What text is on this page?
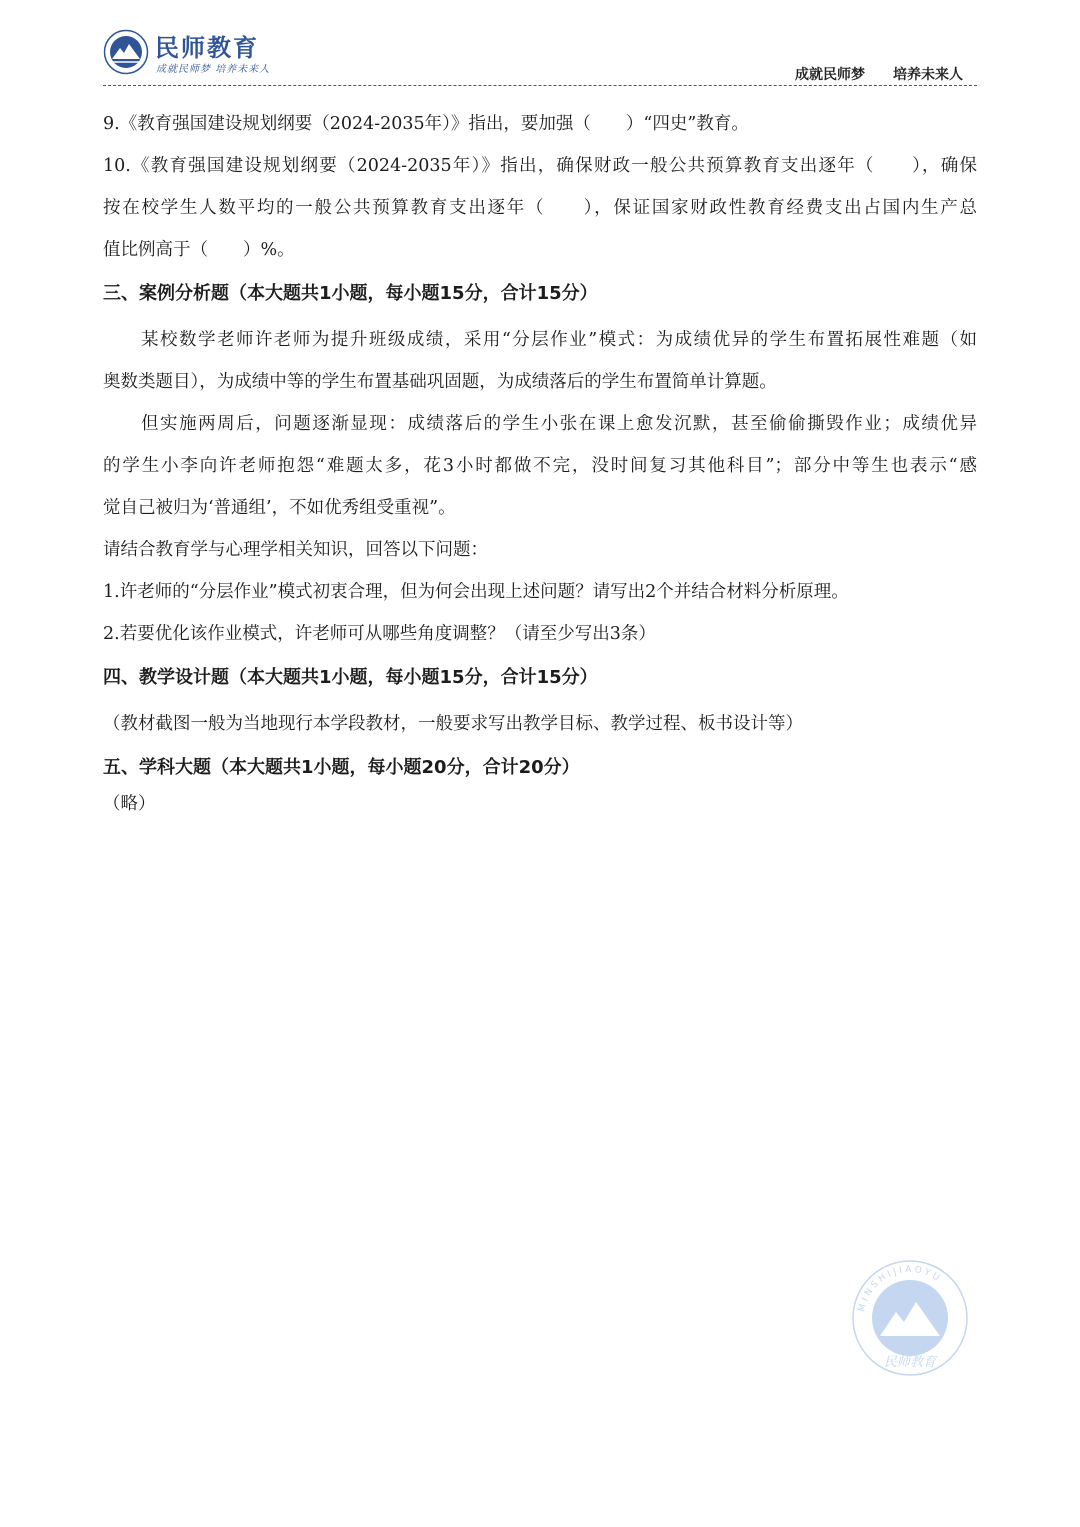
民师教育
成就民师梦 培养未来人	成就民师梦 培养未来人
9.《教育强国建设规划纲要（2024-2035年）》指出，要加强（　　）“四史”教育。
10.《教育强国建设规划纲要（2024-2035年）》指出，确保财政一般公共预算教育支出逐年（　　），确保
按在校学生人数平均的一般公共预算教育支出逐年（　　），保证国家财政性教育经费支出占国内生产总
值比例高于（　　）%。
三、案例分析题（本大题共1小题，每小题15分，合计15分）
某校数学老师许老师为提升班级成绩，采用“分层作业”模式：为成绩优异的学生布置拓展性难题（如
奥数类题目），为成绩中等的学生布置基础巩固题，为成绩落后的学生布置简单计算题。
但实施两周后，问题逐渐显现：成绩落后的学生小张在课上愈发沉默，甚至偷偷撕毁作业；成绩优异
的学生小李向许老师抱怨“难题太多，花3小时都做不完，没时间复习其他科目”；部分中等生也表示“感
觉自己被归为‘普通组’，不如优秀组受重视”。
请结合教育学与心理学相关知识，回答以下问题：
1.许老师的“分层作业”模式初衷合理，但为何会出现上述问题？请写出2个并结合材料分析原理。
2.若要优化该作业模式，许老师可从哪些角度调整？（请至少写出3条）
四、教学设计题（本大题共1小题，每小题15分，合计15分）
（教材截图一般为当地现行本学段教材，一般要求写出教学目标、教学过程、板书设计等）
五、学科大题（本大题共1小题，每小题20分，合计20分）
（略）
MINSHIJIAOYU
民师教育
